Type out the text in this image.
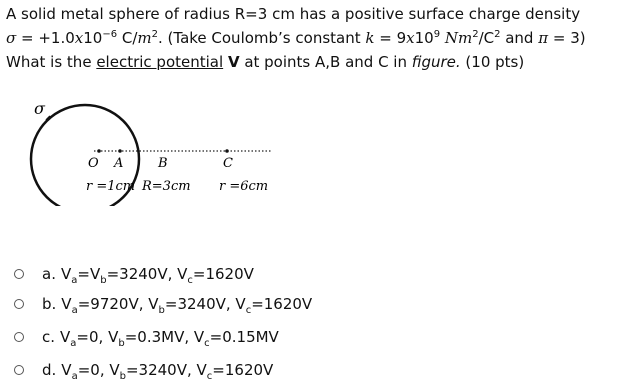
A solid metal sphere of radius R=3 cm has a positive surface charge density
$\sigma = +1.0x10^{-6}$ $C/m^2$. (Take Coulomb’s constant $k = 9x10^9$ $Nm^2/C^2$ and π = 3)
What is the electric potential V at points A,B and C in figure. (10 pts)
σ
O A	B	C
r =1cm R=3cm r =6cm
a. $V_a=V_b=3240V$, $V_c=1620V$
b. $V_a=9720V$, $V_b=3240V$, $V_c=1620V$
c. $V_a=0$, $V_b=0.3MV$, $V_c=0.15MV$
d. $V_a=0$, $V_b=3240V$, $V_c=1620V$
